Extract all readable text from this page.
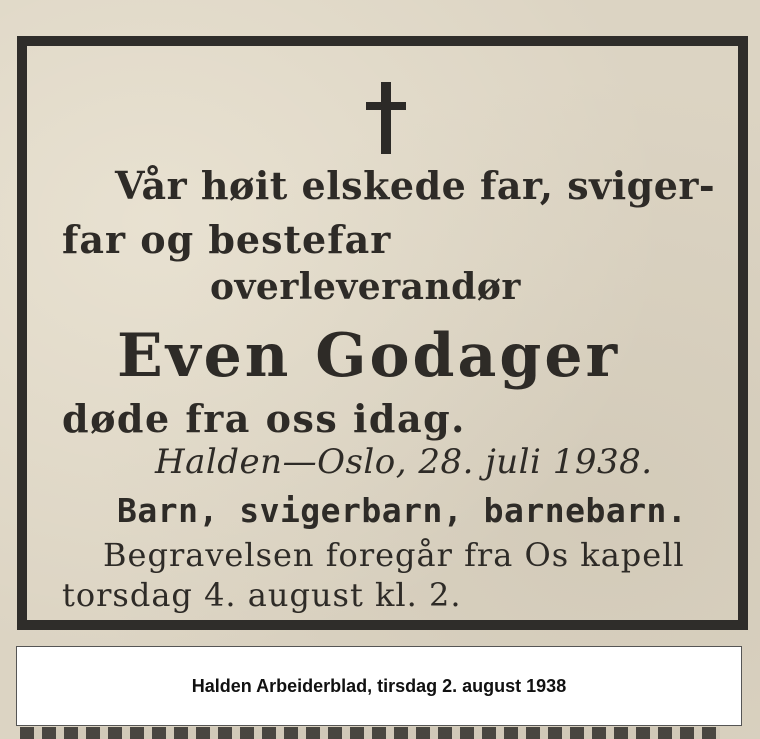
Vår høit elskede far, sviger-
far og bestefar
overleverandør
Even Godager
døde fra oss idag.
Halden—Oslo, 28. juli 1938.
Barn, svigerbarn, barnebarn.
Begravelsen foregår fra Os kapell
torsdag 4. august kl. 2.
Halden Arbeiderblad, tirsdag 2. august 1938
